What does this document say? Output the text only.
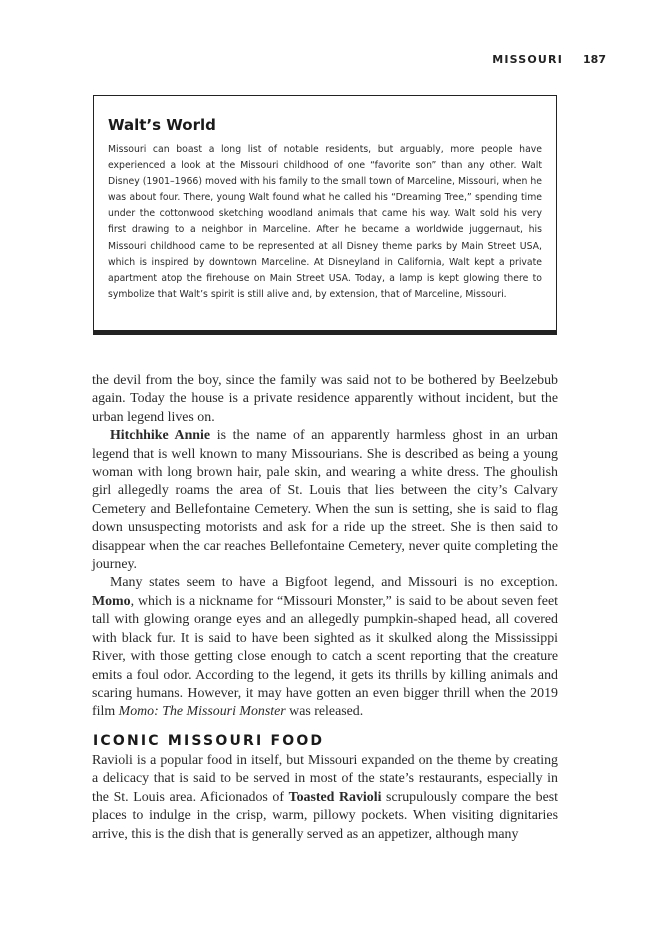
MISSOURI 187
Walt’s World

Missouri can boast a long list of notable residents, but arguably, more people have experienced a look at the Missouri childhood of one “favorite son” than any other. Walt Disney (1901–1966) moved with his family to the small town of Marceline, Missouri, when he was about four. There, young Walt found what he called his “Dreaming Tree,” spending time under the cottonwood sketching woodland animals that came his way. Walt sold his very first drawing to a neighbor in Marceline. After he became a worldwide juggernaut, his Missouri childhood came to be represented at all Disney theme parks by Main Street USA, which is inspired by downtown Marceline. At Disneyland in California, Walt kept a private apartment atop the firehouse on Main Street USA. Today, a lamp is kept glowing there to symbolize that Walt’s spirit is still alive and, by extension, that of Marceline, Missouri.

the devil from the boy, since the family was said not to be bothered by Beelzebub again. Today the house is a private residence apparently without incident, but the urban legend lives on.

Hitchhike Annie is the name of an apparently harmless ghost in an urban legend that is well known to many Missourians. She is described as being a young woman with long brown hair, pale skin, and wearing a white dress. The ghoulish girl allegedly roams the area of St. Louis that lies between the city’s Calvary Cemetery and Bellefontaine Cemetery. When the sun is setting, she is said to flag down unsuspecting motorists and ask for a ride up the street. She is then said to disappear when the car reaches Bellefontaine Cemetery, never quite completing the journey.

Many states seem to have a Bigfoot legend, and Missouri is no exception. Momo, which is a nickname for “Missouri Monster,” is said to be about seven feet tall with glowing orange eyes and an allegedly pumpkin-shaped head, all covered with black fur. It is said to have been sighted as it skulked along the Mississippi River, with those getting close enough to catch a scent reporting that the creature emits a foul odor. According to the legend, it gets its thrills by killing animals and scaring humans. However, it may have gotten an even bigger thrill when the 2019 film Momo: The Missouri Monster was released.

ICONIC MISSOURI FOOD

Ravioli is a popular food in itself, but Missouri expanded on the theme by creating a delicacy that is said to be served in most of the state’s restaurants, especially in the St. Louis area. Aficionados of Toasted Ravioli scrupulously compare the best places to indulge in the crisp, warm, pillowy pockets. When visiting dignitaries arrive, this is the dish that is generally served as an appetizer, although many
